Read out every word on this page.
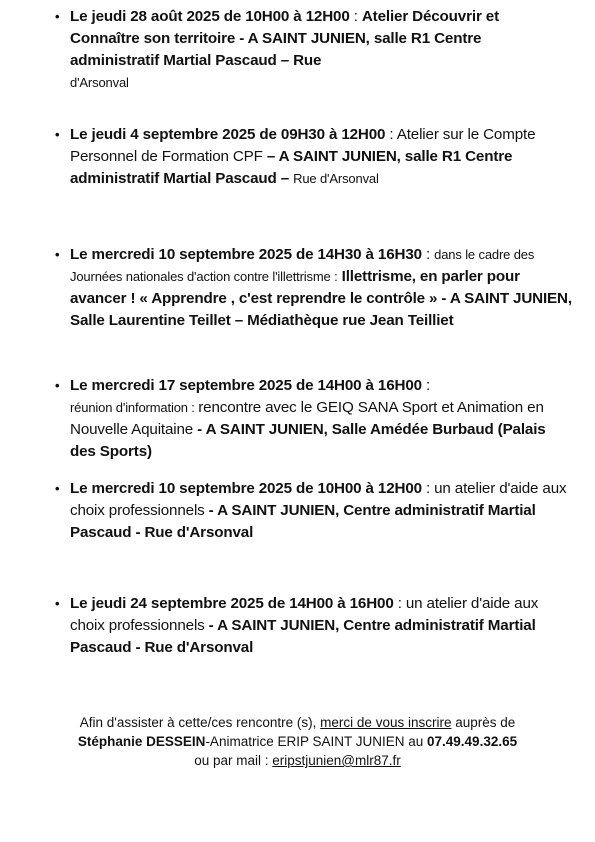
• Le jeudi 28 août 2025 de 10H00 à 12H00 : Atelier Découvrir et Connaître son territoire - A SAINT JUNIEN, salle R1 Centre administratif Martial Pascaud – Rue
d'Arsonval
• Le jeudi 4 septembre 2025 de 09H30 à 12H00 : Atelier sur le Compte Personnel de Formation CPF – A SAINT JUNIEN, salle R1 Centre administratif Martial Pascaud – Rue d'Arsonval
• Le mercredi 10 septembre 2025 de 14H30 à 16H30 : dans le cadre des Journées nationales d'action contre l'illettrisme : Illettrisme, en parler pour avancer ! « Apprendre , c'est reprendre le contrôle » - A SAINT JUNIEN, Salle Laurentine Teillet – Médiathèque rue Jean Teilliet
• Le mercredi 17 septembre 2025 de 14H00 à 16H00 :
réunion d'information : rencontre avec le GEIQ SANA Sport et Animation en Nouvelle Aquitaine - A SAINT JUNIEN, Salle Amédée Burbaud (Palais des Sports)
• Le mercredi 10 septembre 2025 de 10H00 à 12H00 : un atelier d'aide aux choix professionnels - A SAINT JUNIEN, Centre administratif Martial Pascaud - Rue d'Arsonval
• Le jeudi 24 septembre 2025 de 14H00 à 16H00 : un atelier d'aide aux choix professionnels - A SAINT JUNIEN, Centre administratif Martial Pascaud - Rue d'Arsonval
Afin d'assister à cette/ces rencontre (s), merci de vous inscrire auprès de
Stéphanie DESSEIN-Animatrice ERIP SAINT JUNIEN au 07.49.49.32.65
ou par mail : eripstjunien@mlr87.fr
